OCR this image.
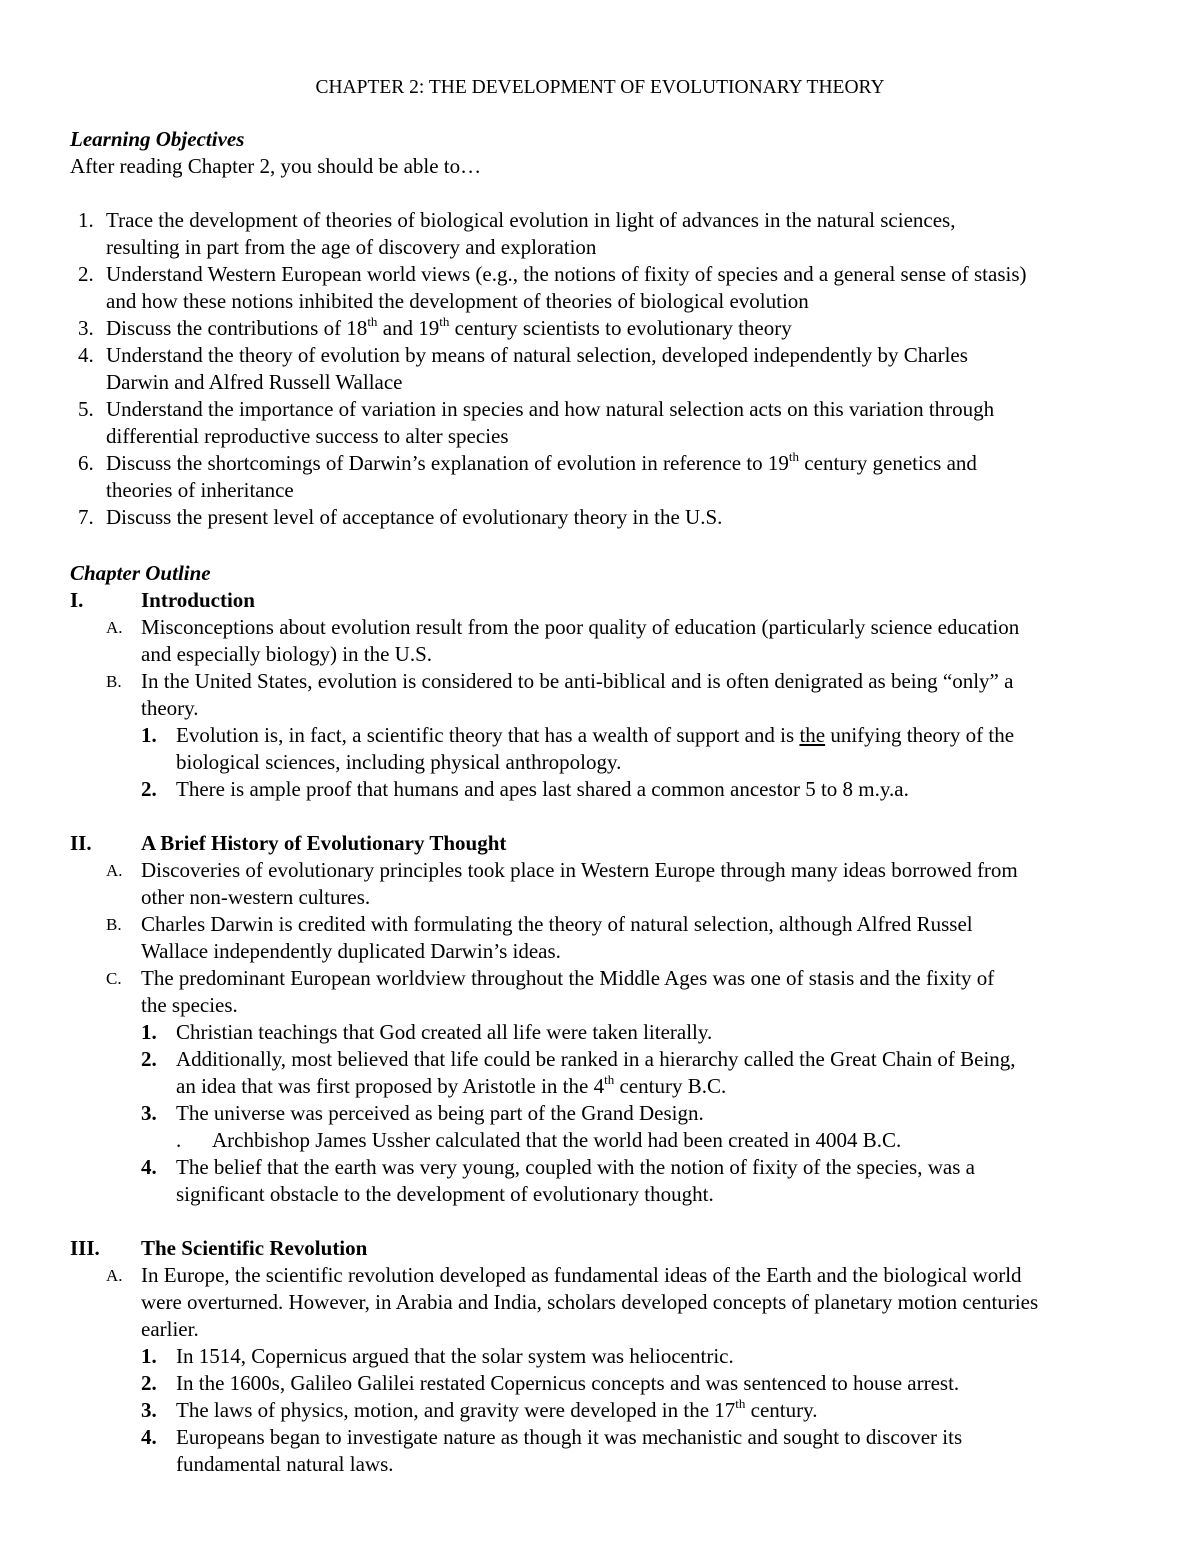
CHAPTER 2: THE DEVELOPMENT OF EVOLUTIONARY THEORY
Learning Objectives
After reading Chapter 2, you should be able to…
1. Trace the development of theories of biological evolution in light of advances in the natural sciences,
resulting in part from the age of discovery and exploration
2. Understand Western European world views (e.g., the notions of fixity of species and a general sense of stasis)
and how these notions inhibited the development of theories of biological evolution
3. Discuss the contributions of 18th and 19th century scientists to evolutionary theory
4. Understand the theory of evolution by means of natural selection, developed independently by Charles
Darwin and Alfred Russell Wallace
5. Understand the importance of variation in species and how natural selection acts on this variation through
differential reproductive success to alter species
6. Discuss the shortcomings of Darwin’s explanation of evolution in reference to 19th century genetics and
theories of inheritance
7. Discuss the present level of acceptance of evolutionary theory in the U.S.
Chapter Outline
I.	Introduction
A. Misconceptions about evolution result from the poor quality of education (particularly science education
and especially biology) in the U.S.
B. In the United States, evolution is considered to be anti-biblical and is often denigrated as being “only” a
theory.
1. Evolution is, in fact, a scientific theory that has a wealth of support and is the unifying theory of the
biological sciences, including physical anthropology.
2. There is ample proof that humans and apes last shared a common ancestor 5 to 8 m.y.a.
II. A Brief History of Evolutionary Thought
A. Discoveries of evolutionary principles took place in Western Europe through many ideas borrowed from
other non-western cultures.
B. Charles Darwin is credited with formulating the theory of natural selection, although Alfred Russel
Wallace independently duplicated Darwin’s ideas.
C. The predominant European worldview throughout the Middle Ages was one of stasis and the fixity of
the species.
1. Christian teachings that God created all life were taken literally.
2. Additionally, most believed that life could be ranked in a hierarchy called the Great Chain of Being,
an idea that was first proposed by Aristotle in the 4th century B.C.
3. The universe was perceived as being part of the Grand Design.
. Archbishop James Ussher calculated that the world had been created in 4004 B.C.
4. The belief that the earth was very young, coupled with the notion of fixity of the species, was a
significant obstacle to the development of evolutionary thought.
III. The Scientific Revolution
A. In Europe, the scientific revolution developed as fundamental ideas of the Earth and the biological world
were overturned. However, in Arabia and India, scholars developed concepts of planetary motion centuries
earlier.
1. In 1514, Copernicus argued that the solar system was heliocentric.
2. In the 1600s, Galileo Galilei restated Copernicus concepts and was sentenced to house arrest.
3. The laws of physics, motion, and gravity were developed in the 17th century.
4. Europeans began to investigate nature as though it was mechanistic and sought to discover its
fundamental natural laws.
